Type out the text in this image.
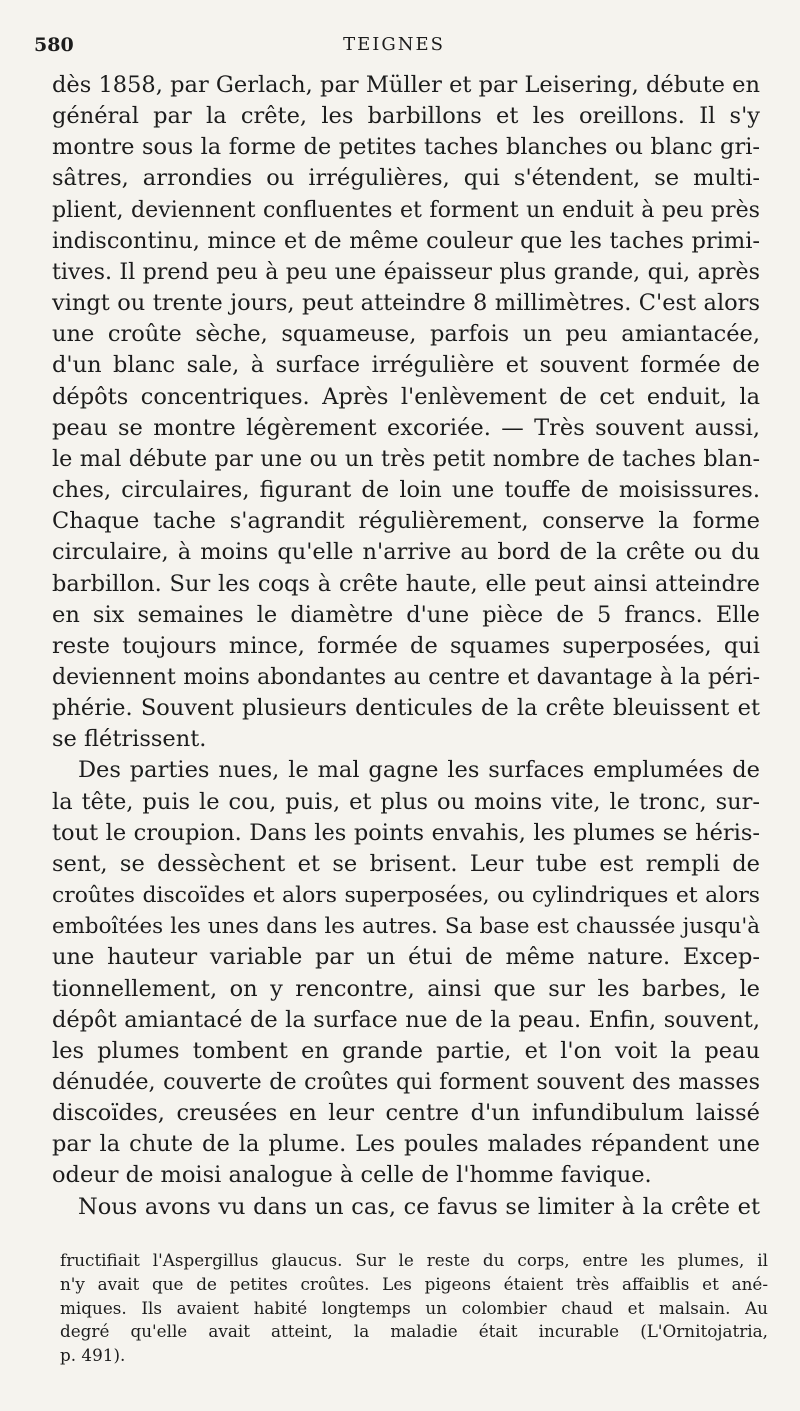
580	TEIGNES
dès 1858, par Gerlach, par Müller et par Leisering, débute en
général par la crête, les barbillons et les oreillons. Il s'y
montre sous la forme de petites taches blanches ou blanc gri-
sâtres, arrondies ou irrégulières, qui s'étendent, se multi-
plient, deviennent confluentes et forment un enduit à peu près
indiscontinu, mince et de même couleur que les taches primi-
tives. Il prend peu à peu une épaisseur plus grande, qui, après
vingt ou trente jours, peut atteindre 8 millimètres. C'est alors
une croûte sèche, squameuse, parfois un peu amiantacée,
d'un blanc sale, à surface irrégulière et souvent formée de
dépôts concentriques. Après l'enlèvement de cet enduit, la
peau se montre légèrement excoriée. — Très souvent aussi,
le mal débute par une ou un très petit nombre de taches blan-
ches, circulaires, figurant de loin une touffe de moisissures.
Chaque tache s'agrandit régulièrement, conserve la forme
circulaire, à moins qu'elle n'arrive au bord de la crête ou du
barbillon. Sur les coqs à crête haute, elle peut ainsi atteindre
en six semaines le diamètre d'une pièce de 5 francs. Elle
reste toujours mince, formée de squames superposées, qui
deviennent moins abondantes au centre et davantage à la péri-
phérie. Souvent plusieurs denticules de la crête bleuissent et
se flétrissent.
Des parties nues, le mal gagne les surfaces emplumées de
la tête, puis le cou, puis, et plus ou moins vite, le tronc, sur-
tout le croupion. Dans les points envahis, les plumes se héris-
sent, se dessèchent et se brisent. Leur tube est rempli de
croûtes discoïdes et alors superposées, ou cylindriques et alors
emboîtées les unes dans les autres. Sa base est chaussée jusqu'à
une hauteur variable par un étui de même nature. Excep-
tionnellement, on y rencontre, ainsi que sur les barbes, le
dépôt amiantacé de la surface nue de la peau. Enfin, souvent,
les plumes tombent en grande partie, et l'on voit la peau
dénudée, couverte de croûtes qui forment souvent des masses
discoïdes, creusées en leur centre d'un infundibulum laissé
par la chute de la plume. Les poules malades répandent une
odeur de moisi analogue à celle de l'homme favique.
Nous avons vu dans un cas, ce favus se limiter à la crête et
fructifiait l'Aspergillus glaucus. Sur le reste du corps, entre les plumes, il
n'y avait que de petites croûtes. Les pigeons étaient très affaiblis et ané-
miques. Ils avaient habité longtemps un colombier chaud et malsain. Au
degré qu'elle avait atteint, la maladie était incurable (L'Ornitojatria,
p. 491).
